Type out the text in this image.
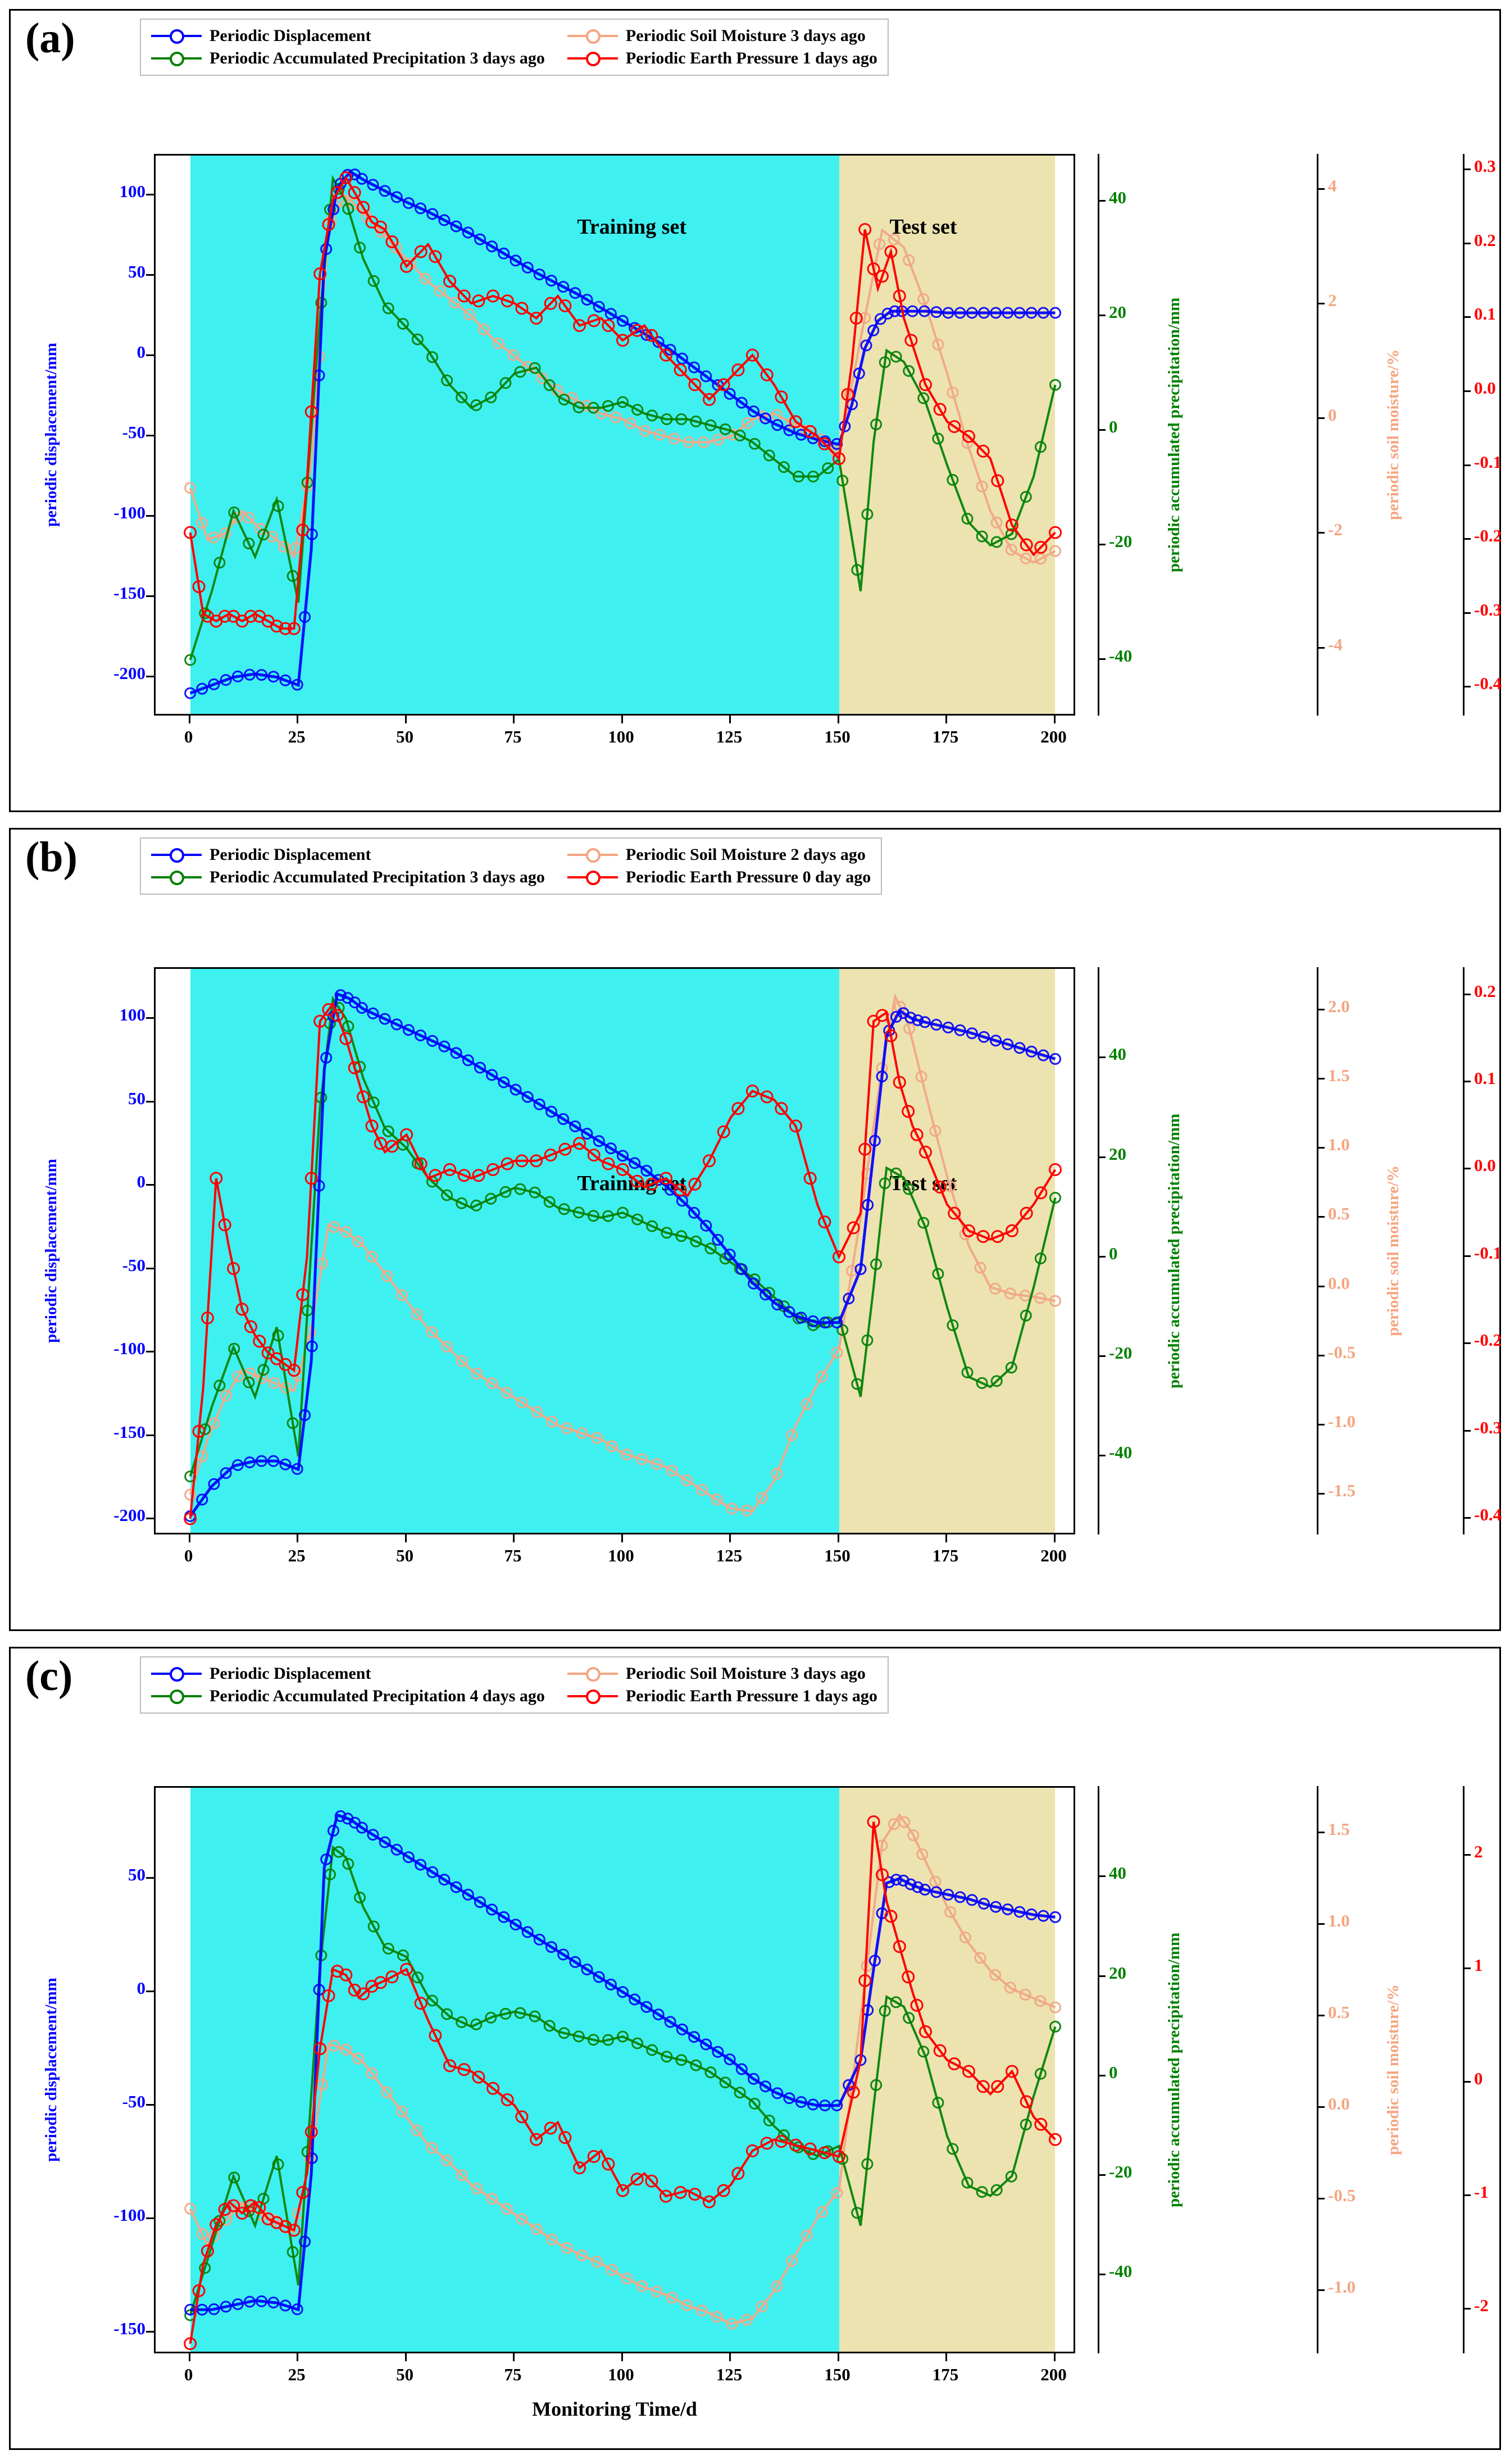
(a)	Periodic Displacement	Periodic Soil Moisture 3 days ago
Periodic Accumulated Precipitation 3 days ago	Periodic Earth Pressure 1 days ago
Training set	Test set
0	25	50	75	100	125	150	175	200
100
50
0
-50
-100
-150
-200
periodic displacement/mm
40
20
0
-20
-40
periodic accumulated precipitation/mm
4
2
0
-2
-4
periodic soil moisture/%
0.3
0.2
0.1
0.0
-0.1
-0.2
-0.3
-0.4
(b)	Periodic Displacement	Periodic Soil Moisture 2 days ago
Periodic Accumulated Precipitation 3 days ago	Periodic Earth Pressure 0 day ago
Training set	Test set
0	25	50	75	100	125	150	175	200
100
50
0
-50
-100
-150
-200
periodic displacement/mm
40
20
0
-20
-40
periodic accumulated precipitation/mm
2.0
1.5
1.0
0.5
0.0
-0.5
-1.0
-1.5
periodic soil moisture/%
0.2
0.1
0.0
-0.1
-0.2
-0.3
-0.4
(c)	Periodic Displacement	Periodic Soil Moisture 3 days ago
Periodic Accumulated Precipitation 4 days ago	Periodic Earth Pressure 1 days ago
0	25	50	75	100	125	150	175	200
Monitoring Time/d
50
0
-50
-100
-150
periodic displacement/mm
40
20
0
-20
-40
periodic accumulated precipitation/mm
1.5
1.0
0.5
0.0
-0.5
-1.0
periodic soil moisture/%
2
1
0
-1
-2
